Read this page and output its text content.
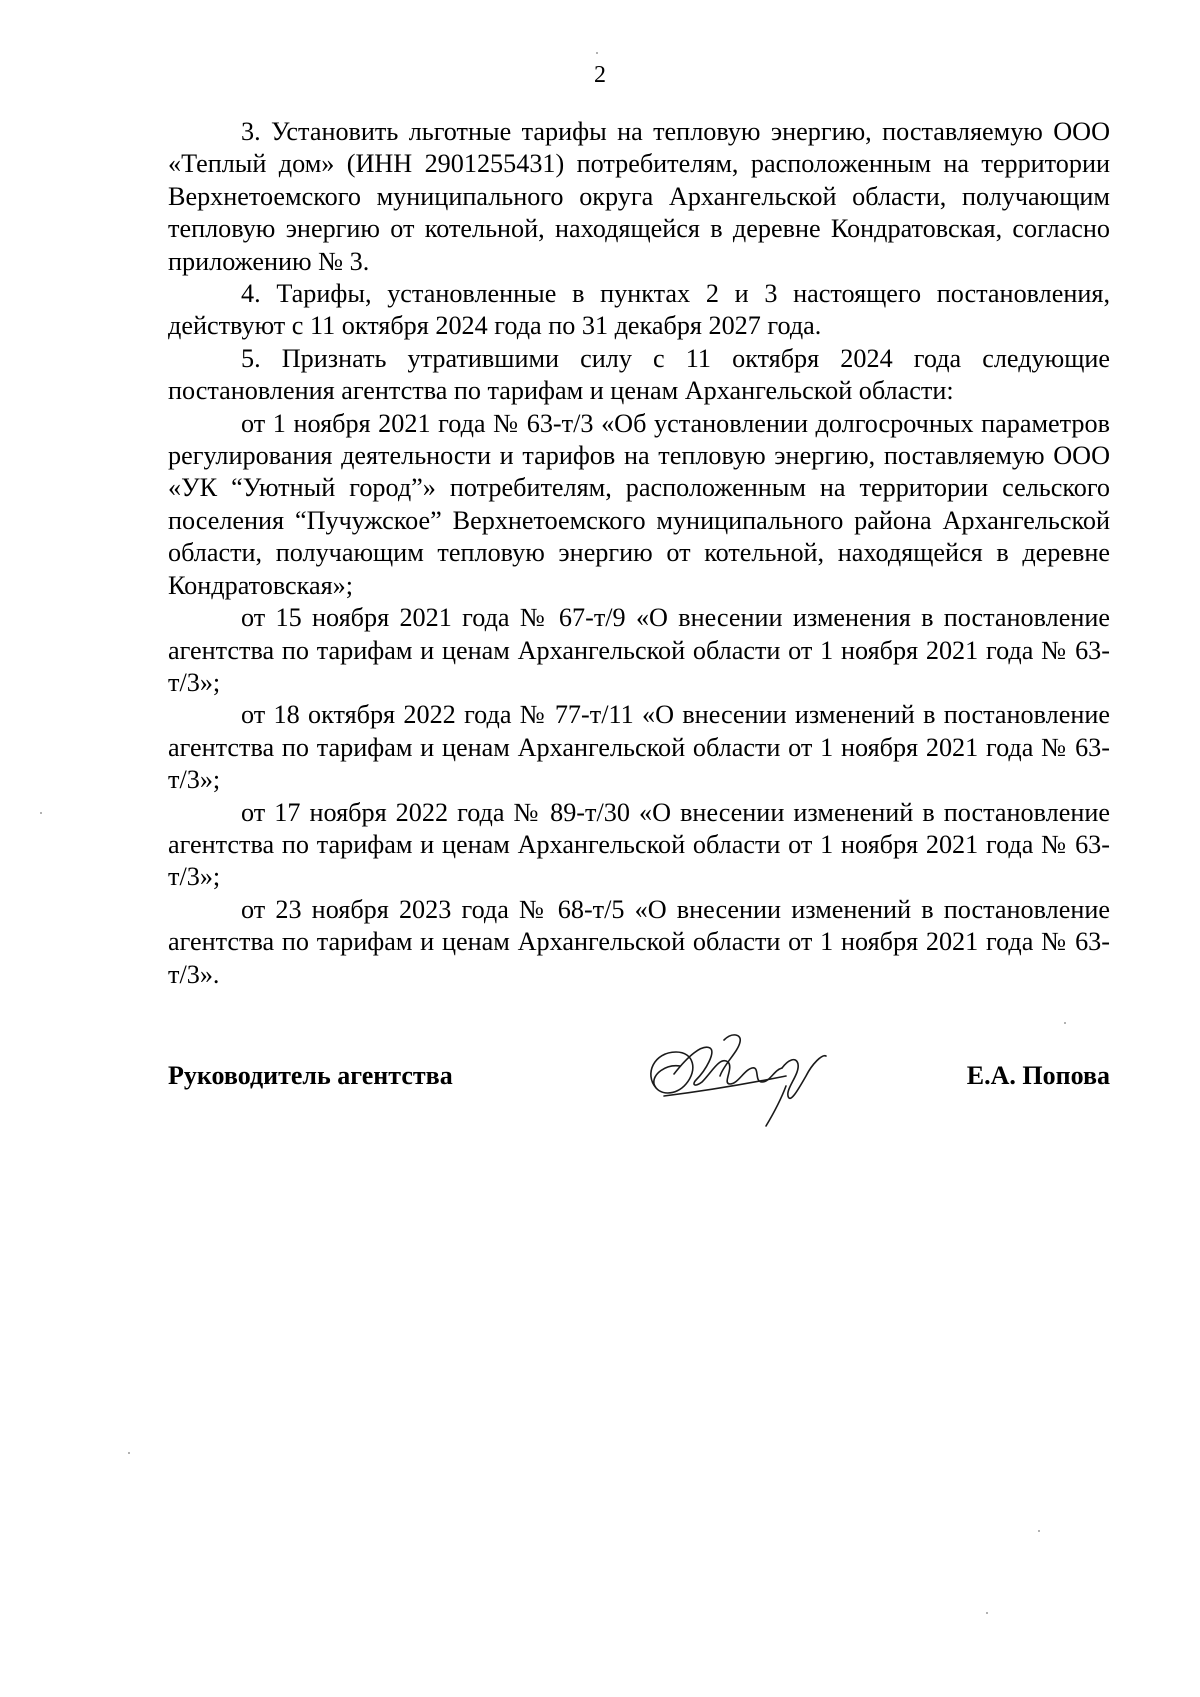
2

3. Установить льготные тарифы на тепловую энергию, поставляемую ООО «Теплый дом» (ИНН 2901255431) потребителям, расположенным на территории Верхнетоемского муниципального округа Архангельской области, получающим тепловую энергию от котельной, находящейся в деревне Кондратовская, согласно приложению № 3.

4. Тарифы, установленные в пунктах 2 и 3 настоящего постановления, действуют с 11 октября 2024 года по 31 декабря 2027 года.

5. Признать утратившими силу с 11 октября 2024 года следующие постановления агентства по тарифам и ценам Архангельской области:

от 1 ноября 2021 года № 63-т/3 «Об установлении долгосрочных параметров регулирования деятельности и тарифов на тепловую энергию, поставляемую ООО «УК “Уютный город”» потребителям, расположенным на территории сельского поселения “Пучужское” Верхнетоемского муниципального района Архангельской области, получающим тепловую энергию от котельной, находящейся в деревне Кондратовская»;

от 15 ноября 2021 года № 67-т/9 «О внесении изменения в постановление агентства по тарифам и ценам Архангельской области от 1 ноября 2021 года № 63-т/3»;

от 18 октября 2022 года № 77-т/11 «О внесении изменений в постановление агентства по тарифам и ценам Архангельской области от 1 ноября 2021 года № 63-т/3»;

от 17 ноября 2022 года № 89-т/30 «О внесении изменений в постановление агентства по тарифам и ценам Архангельской области от 1 ноября 2021 года № 63-т/3»;

от 23 ноября 2023 года № 68-т/5 «О внесении изменений в постановление агентства по тарифам и ценам Архангельской области от 1 ноября 2021 года № 63-т/3».

Руководитель агентства	Е.А. Попова
